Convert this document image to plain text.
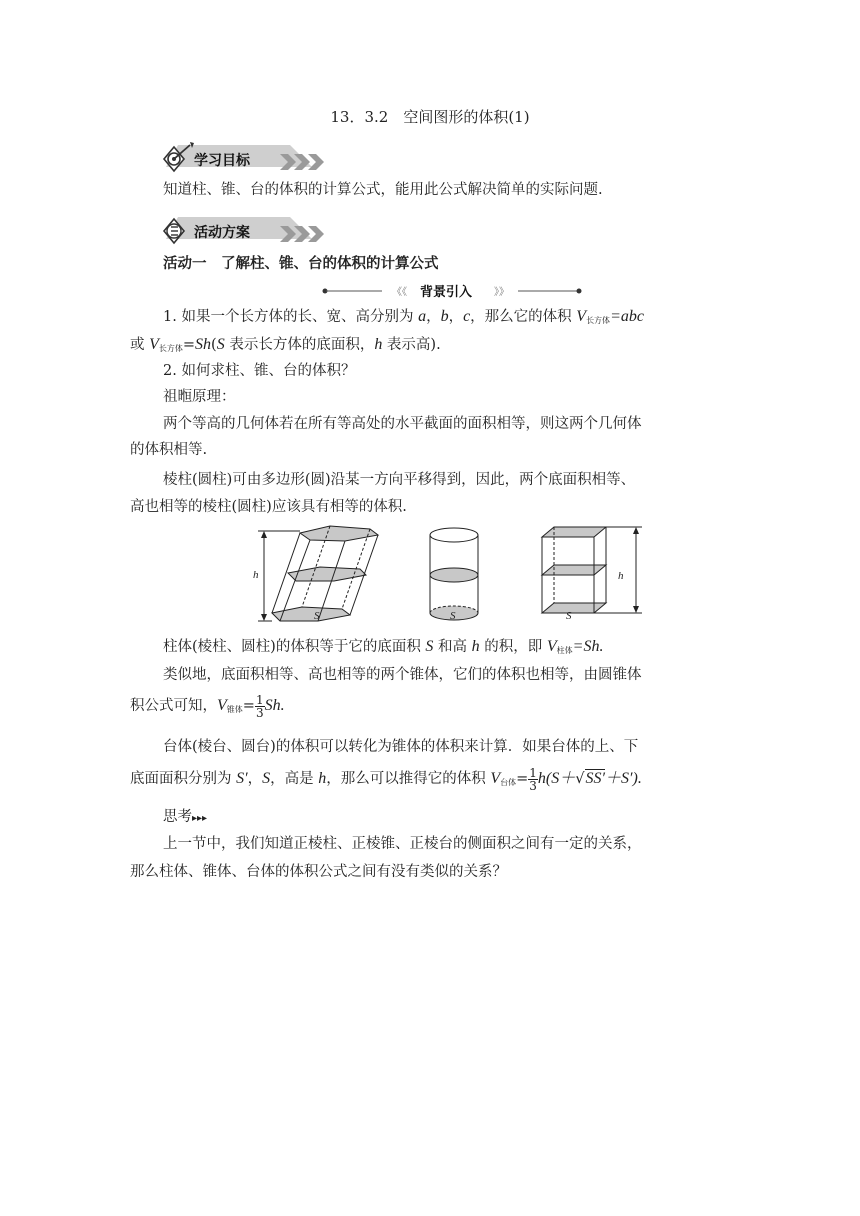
13．3.2　空间图形的体积(1)
学习目标
知道柱、锥、台的体积的计算公式，能用此公式解决简单的实际问题.
活动方案
活动一　了解柱、锥、台的体积的计算公式
《《 背景引入 》》
1. 如果一个长方体的长、宽、高分别为 a，b，c，那么它的体积 $V_{长方体}=abc$
或 $V_{长方体}=Sh(S$ 表示长方体的底面积，h 表示高).
2. 如何求柱、锥、台的体积？
祖暅原理：
两个等高的几何体若在所有等高处的水平截面的面积相等，则这两个几何体
的体积相等.
棱柱(圆柱)可由多边形(圆)沿某一方向平移得到，因此，两个底面积相等、
高也相等的棱柱(圆柱)应该具有相等的体积.
h
S	S	S
h
柱体(棱柱、圆柱)的体积等于它的底面积 S 和高 h 的积，即 $V_{柱体}=Sh$.
类似地，底面积相等、高也相等的两个锥体，它们的体积也相等，由圆锥体
积公式可知，$V_{锥体}= \frac{1}{3} Sh$.
台体(棱台、圆台)的体积可以转化为锥体的体积来计算．如果台体的上、下
底面面积分别为 S′，S，高是 h，那么可以推得它的体积 $V_{台体}= \frac{1}{3} h(S+√SS'+S')$.
思考▸▸▸
上一节中，我们知道正棱柱、正棱锥、正棱台的侧面积之间有一定的关系，
那么柱体、锥体、台体的体积公式之间有没有类似的关系？
